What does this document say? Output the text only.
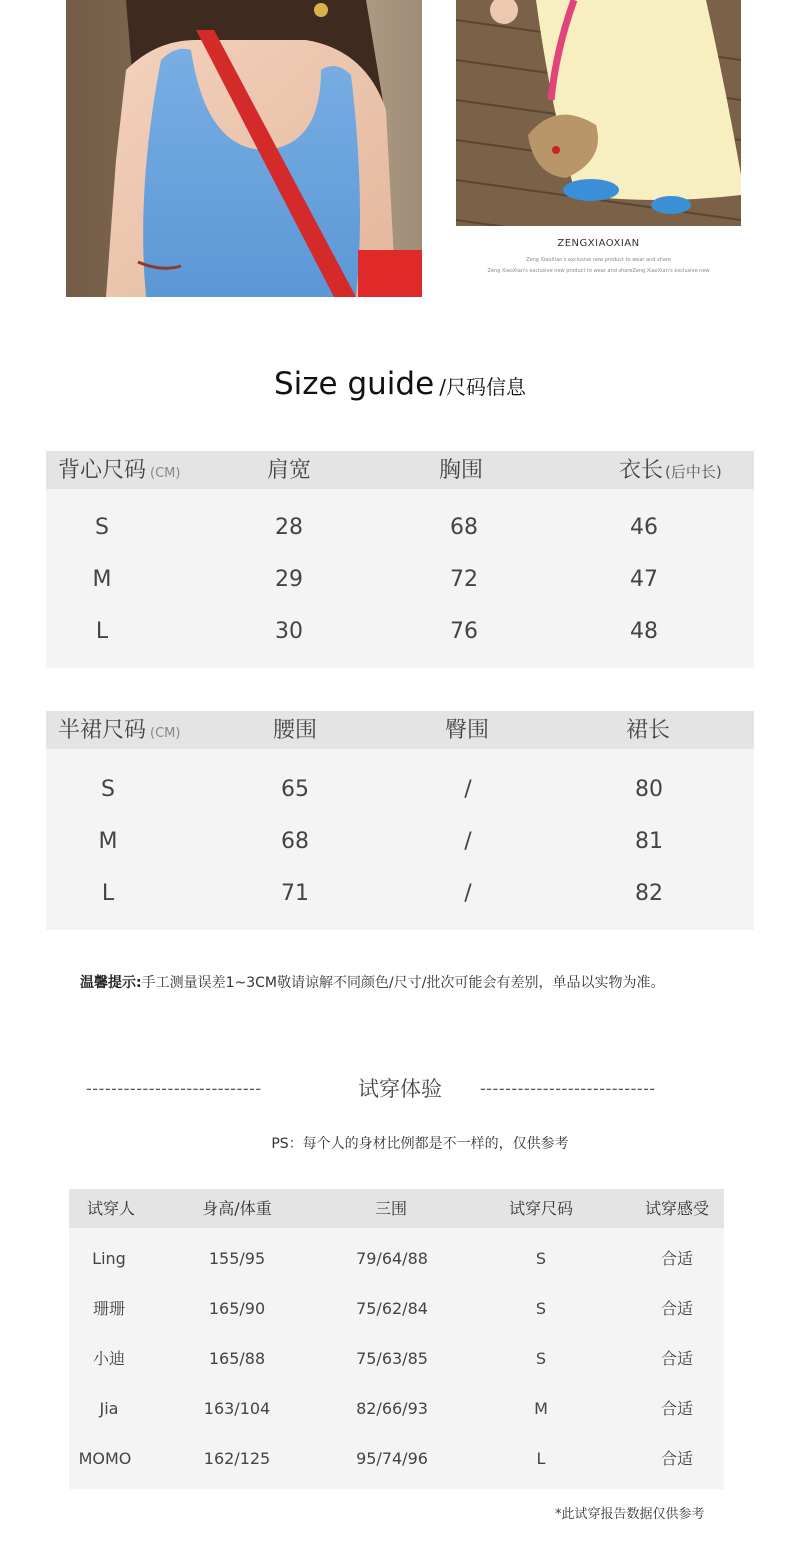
ZENGXIAOXIAN
Zeng XiaoXian's exclusive new product to wear and share
Zeng XiaoXian's exclusive new product to wear and shareZeng XiaoXian's exclusive new
Size guide /尺码信息
背心尺码 (CM)	肩宽	胸围	衣长 (后中长)
S	28	68	46
M	29	72	47
L	30	76	48
半裙尺码 (CM)	腰围	臀围	裙长
S	65	/	80
M	68	/	81
L	71	/	82
温馨提示:手工测量误差1~3CM敬请谅解不同颜色/尺寸/批次可能会有差别，单品以实物为准。
----------------------------	试穿体验	----------------------------
PS：每个人的身材比例都是不一样的，仅供参考
试穿人	身高/体重	三围	试穿尺码	试穿感受
Ling	155/95	79/64/88	S	合适
珊珊	165/90	75/62/84	S	合适
小迪	165/88	75/63/85	S	合适
Jia	163/104	82/66/93	M	合适
MOMO	162/125	95/74/96	L	合适
*此试穿报告数据仅供参考
